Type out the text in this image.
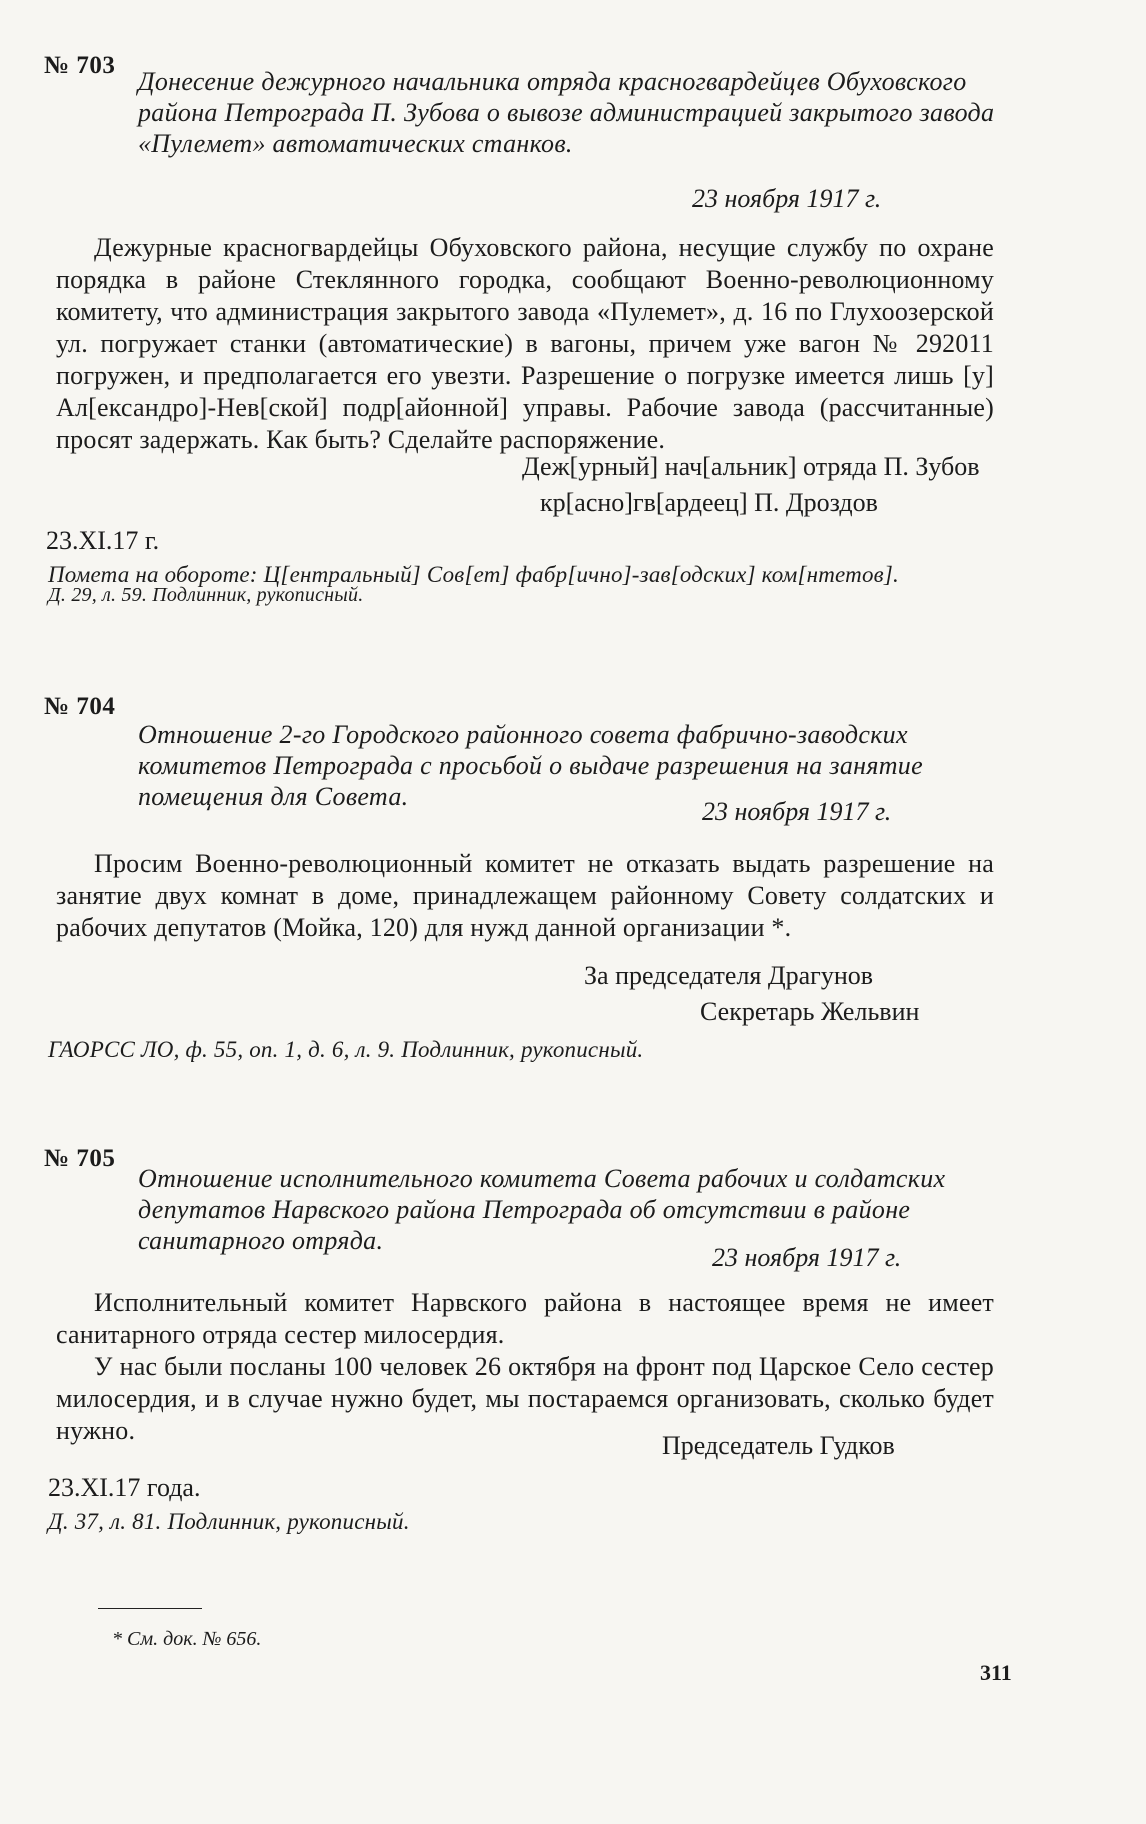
№ 703
Донесение дежурного начальника отряда красногвардейцев Обуховского района Петрограда П. Зубова о вывозе администрацией закрытого завода «Пулемет» автоматических станков.
23 ноября 1917 г.
Дежурные красногвардейцы Обуховского района, несущие службу по охране порядка в районе Стеклянного городка, сообщают Военно-революционному комитету, что администрация закрытого завода «Пулемет», д. 16 по Глухоозерской ул. погружает станки (автоматические) в вагоны, причем уже вагон № 292011 погружен, и предполагается его увезти. Разрешение о погрузке имеется лишь [у] Ал[ександро]-Нев[ской] подр[айонной] управы. Рабочие завода (рассчитанные) просят задержать. Как быть? Сделайте распоряжение.
Деж[урный] нач[альник] отряда П. Зубов
кр[асно]гв[ардеец] П. Дроздов
23.XI.17 г.
Помета на обороте: Ц[ентральный] Сов[ет] фабр[ично]-зав[одских] ком[нтетов].
Д. 29, л. 59. Подлинник, рукописный.
№ 704
Отношение 2-го Городского районного совета фабрично-заводских комитетов Петрограда с просьбой о выдаче разрешения на занятие помещения для Совета.
23 ноября 1917 г.
Просим Военно-революционный комитет не отказать выдать разрешение на занятие двух комнат в доме, принадлежащем районному Совету солдатских и рабочих депутатов (Мойка, 120) для нужд данной организации *.
За председателя Драгунов
Секретарь Жельвин
ГАОРСС ЛО, ф. 55, оп. 1, д. 6, л. 9. Подлинник, рукописный.
№ 705
Отношение исполнительного комитета Совета рабочих и солдатских депутатов Нарвского района Петрограда об отсутствии в районе санитарного отряда.
23 ноября 1917 г.
Исполнительный комитет Нарвского района в настоящее время не имеет санитарного отряда сестер милосердия.
У нас были посланы 100 человек 26 октября на фронт под Царское Село сестер милосердия, и в случае нужно будет, мы постараемся организовать, сколько будет нужно.
Председатель Гудков
23.XI.17 года.
Д. 37, л. 81. Подлинник, рукописный.
* См. док. № 656.
311
